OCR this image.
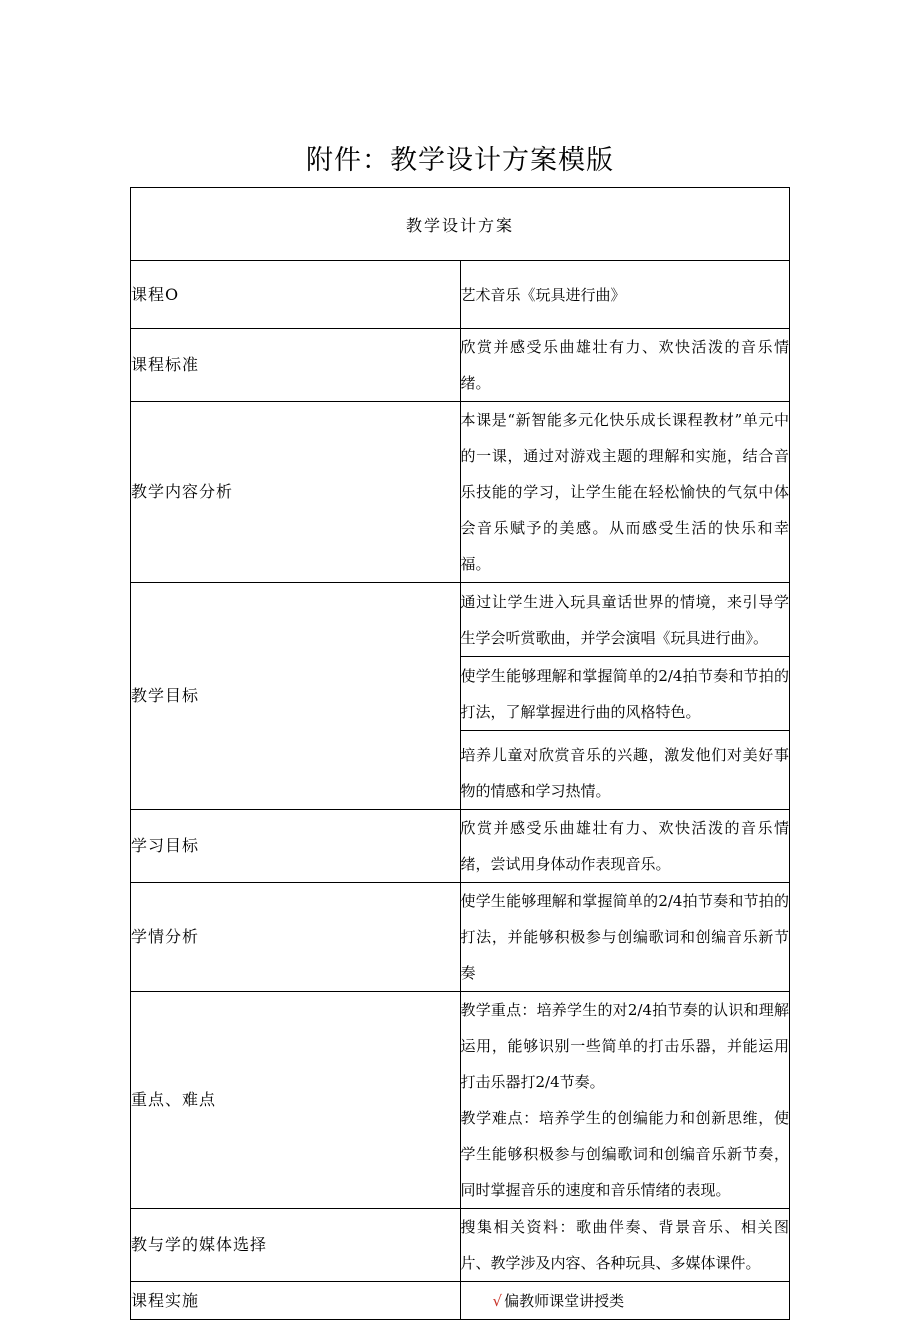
附件：教学设计方案模版
教学设计方案	
课程O	艺术音乐《玩具进行曲》
课程标准	欣赏并感受乐曲雄壮有力、欢快活泼的音乐情绪。
教学内容分析	本课是“新智能多元化快乐成长课程教材”单元中的一课，通过对游戏主题的理解和实施，结合音乐技能的学习，让学生能在轻松愉快的气氛中体会音乐赋予的美感。从而感受生活的快乐和幸福。
教学目标	通过让学生进入玩具童话世界的情境，来引导学生学会听赏歌曲，并学会演唱《玩具进行曲》。
	使学生能够理解和掌握简单的2/4拍节奏和节拍的打法，了解掌握进行曲的风格特色。
	培养儿童对欣赏音乐的兴趣，激发他们对美好事物的情感和学习热情。
学习目标	欣赏并感受乐曲雄壮有力、欢快活泼的音乐情绪，尝试用身体动作表现音乐。
学情分析	使学生能够理解和掌握简单的2/4拍节奏和节拍的打法，并能够积极参与创编歌词和创编音乐新节奏
重点、难点	教学重点：培养学生的对2/4拍节奏的认识和理解运用，能够识别一些简单的打击乐器，并能运用打击乐器打2/4节奏。
教学难点：培养学生的创编能力和创新思维，使学生能够积极参与创编歌词和创编音乐新节奏，同时掌握音乐的速度和音乐情绪的表现。

教与学的媒体选择	搜集相关资料：歌曲伴奏、背景音乐、相关图片、教学涉及内容、各种玩具、多媒体课件。
课程实施	√ 偏教师课堂讲授类
